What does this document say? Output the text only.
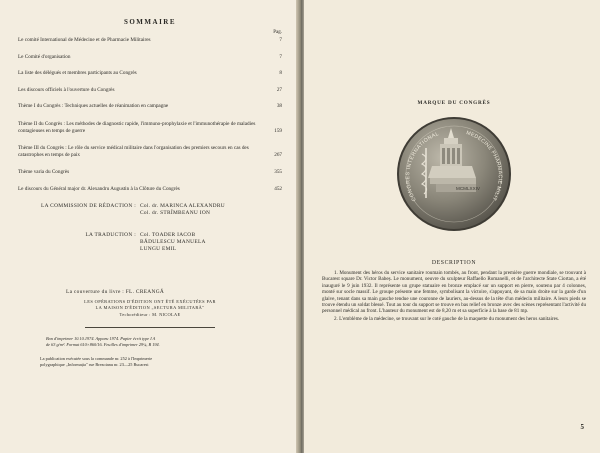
SOMMAIRE
Pag.
Le comité International de Médecine et de Pharmacie Militaires	7
Le Comité d'organisation	7
La liste des délégués et membres participants au Congrès	8
Les discours officiels à l'ouverture du Congrès	27
Thème I du Congrès : Techniques actuelles de réanimation en campagne	38
Thème II du Congrès : Les méthodes de diagnostic rapide, l'immuno-prophylaxie et l'immunothérapie de maladies contagieuses en temps de guerre	159
Thème III du Congrès : Le rôle du service médical militaire dans l'organisation des premiers secours en cas des catastrophes en temps de paix	267
Thème varia du Congrès	355
Le discours du Général major dr. Alexandru Augustin à la Clôture du Congrès	452
LA COMMISSION DE RÉDACTION : Col. dr. MARINCA ALEXANDRU
Col. dr. STRÎMBEANU ION
LA TRADUCTION : Col. TOADER IACOB
BĂDULESCU MANUELA
LUNGU EMIL
La couverture du livre : FL. CREANGĂ
LES OPÉRATIONS D'ÉDITION ONT ÉTÉ EXÉCUTÉES PAR
LA MAISON D'ÉDITION „SECTURA MILITARĂ"
Techoréditeur : M. NICOLAE
Bon d'imprimer 10.10.1974. Apparu 1974. Papier écrit type I A
de 63 g/m². Format 610×860/16. Feuilles d'imprimer 29¼, B 194.
La publication exécutée sous la commande nr. 252 à l'Imprimerie
polygraphique „Informația" rue Brezoianu nr. 23—25 Bucarest
MARQUE DU CONGRÈS
CONGRES INTERNATIONAL	MEDECINE PHARMACIE MILIT
MCMLXXIV
DESCRIPTION

1. Monument des héros du service sanitaire roumain tombés, au front, pendant la première guerre mondiale, se trouvant à Bucarest square Dr. Victor Babeș. Le monument, oeuvre du sculpteur Raffaello Romanelli, et de l'architecte State Ciortan, a été inauguré le 9 juin 1932. Il représente un grupe statuaire en bronze emplacé sur un support en pierre, soutenu par 4 colonnes, monté sur socle massif. Le groupe présente une femme, symbolisant la victoire, s'appuyant, de sa main droite sur la garde d'un glaive, tenant dans sa main gauche tendue une couronne de lauriers, au-dessus de la tête d'un médecin militaire. A leurs pieds se trouve étendu un soldat blessé. Tout au tour du support se trouve en bas relief en bronze avec des scènes représentant l'activité du personnel médical au front. L'hauteur du monument est de 8,20 m et sa superficie à la base de 81 mp.

2. L'emblème de la médecine, se trouvant sur le coté gauche de la maquette du monument des heros sanitaires.

5
